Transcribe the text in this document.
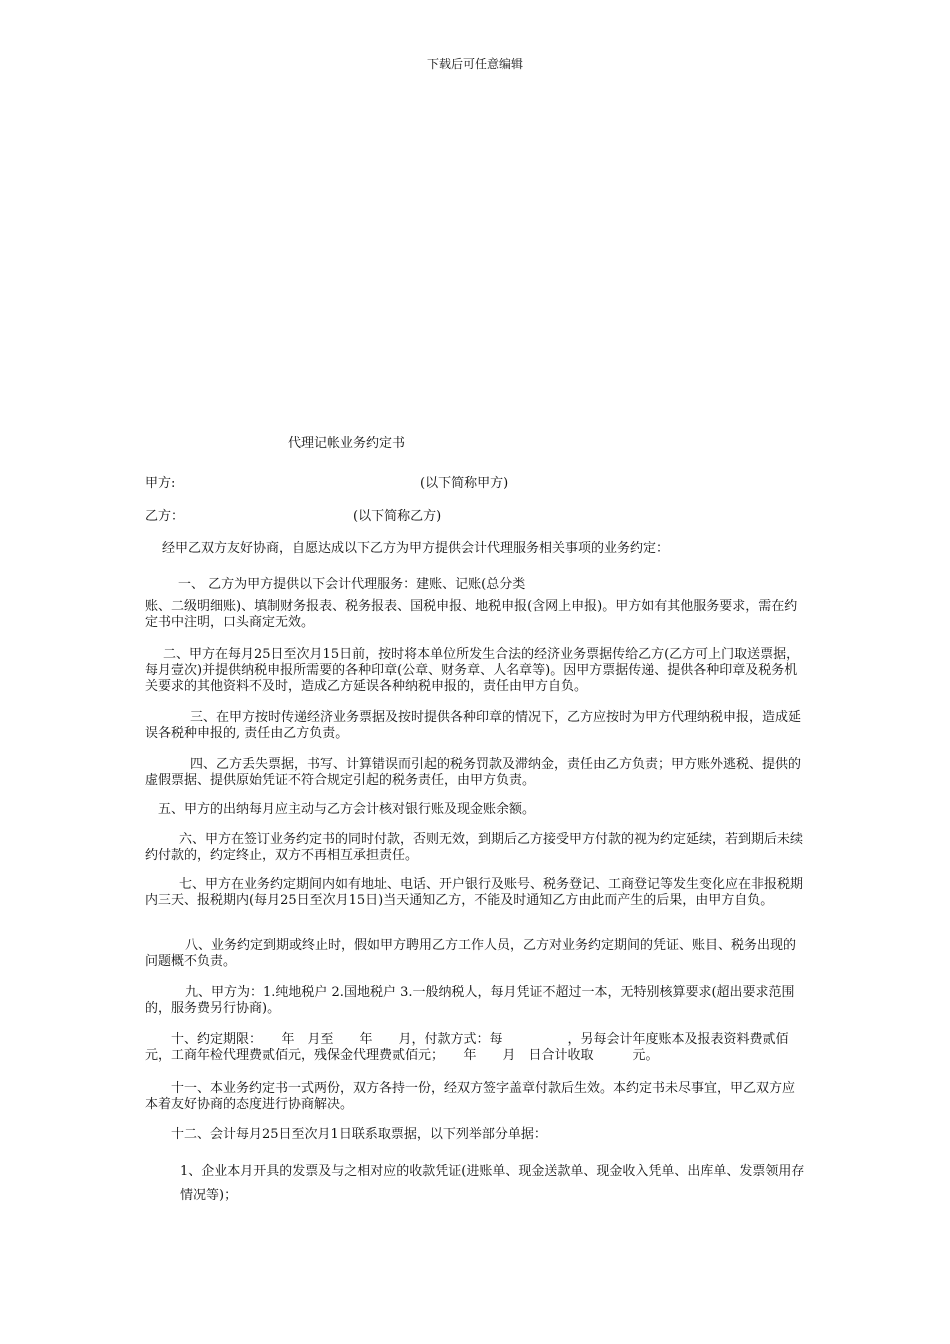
下载后可任意编辑
代理记帐业务约定书
甲方:	(以下简称甲方)
乙方：	(以下简称乙方)
经甲乙双方友好协商，自愿达成以下乙方为甲方提供会计代理服务相关事项的业务约定：
一、 乙方为甲方提供以下会计代理服务：建账、记账(总分类
账、二级明细账)、填制财务报表、税务报表、国税申报、地税申报(含网上申报)。甲方如有其他服务要求，需在约定书中注明，口头商定无效。
二、甲方在每月25日至次月15日前，按时将本单位所发生合法的经济业务票据传给乙方(乙方可上门取送票据，每月壹次)并提供纳税申报所需要的各种印章(公章、财务章、人名章等)。因甲方票据传递、提供各种印章及税务机关要求的其他资料不及时，造成乙方延误各种纳税申报的，责任由甲方自负。
三、在甲方按时传递经济业务票据及按时提供各种印章的情况下，乙方应按时为甲方代理纳税申报，造成延误各税种申报的, 责任由乙方负责。
四、乙方丢失票据，书写、计算错误而引起的税务罚款及滞纳金，责任由乙方负责；甲方账外逃税、提供的虚假票据、提供原始凭证不符合规定引起的税务责任，由甲方负责。
五、甲方的出纳每月应主动与乙方会计核对银行账及现金账余额。
六、甲方在签订业务约定书的同时付款，否则无效，到期后乙方接受甲方付款的视为约定延续，若到期后未续约付款的，约定终止，双方不再相互承担责任。
七、甲方在业务约定期间内如有地址、电话、开户银行及账号、税务登记、工商登记等发生变化应在非报税期内三天、报税期内(每月25日至次月15日)当天通知乙方，不能及时通知乙方由此而产生的后果，由甲方自负。
八、业务约定到期或终止时，假如甲方聘用乙方工作人员，乙方对业务约定期间的凭证、账目、税务出现的问题概不负责。
九、甲方为：1.纯地税户 2.国地税户 3.一般纳税人，每月凭证不超过一本，无特别核算要求(超出要求范围的，服务费另行协商)。
十、约定期限：　　年　月至　　年　　月，付款方式：每　　　　　，另每会计年度账本及报表资料费贰佰元，工商年检代理费贰佰元，残保金代理费贰佰元；　　年　　月　日合计收取　　　元。
十一、本业务约定书一式两份，双方各持一份，经双方签字盖章付款后生效。本约定书未尽事宜，甲乙双方应本着友好协商的态度进行协商解决。
十二、会计每月25日至次月1日联系取票据，以下列举部分单据：
1、企业本月开具的发票及与之相对应的收款凭证(进账单、现金送款单、现金收入凭单、出库单、发票领用存情况等)；
